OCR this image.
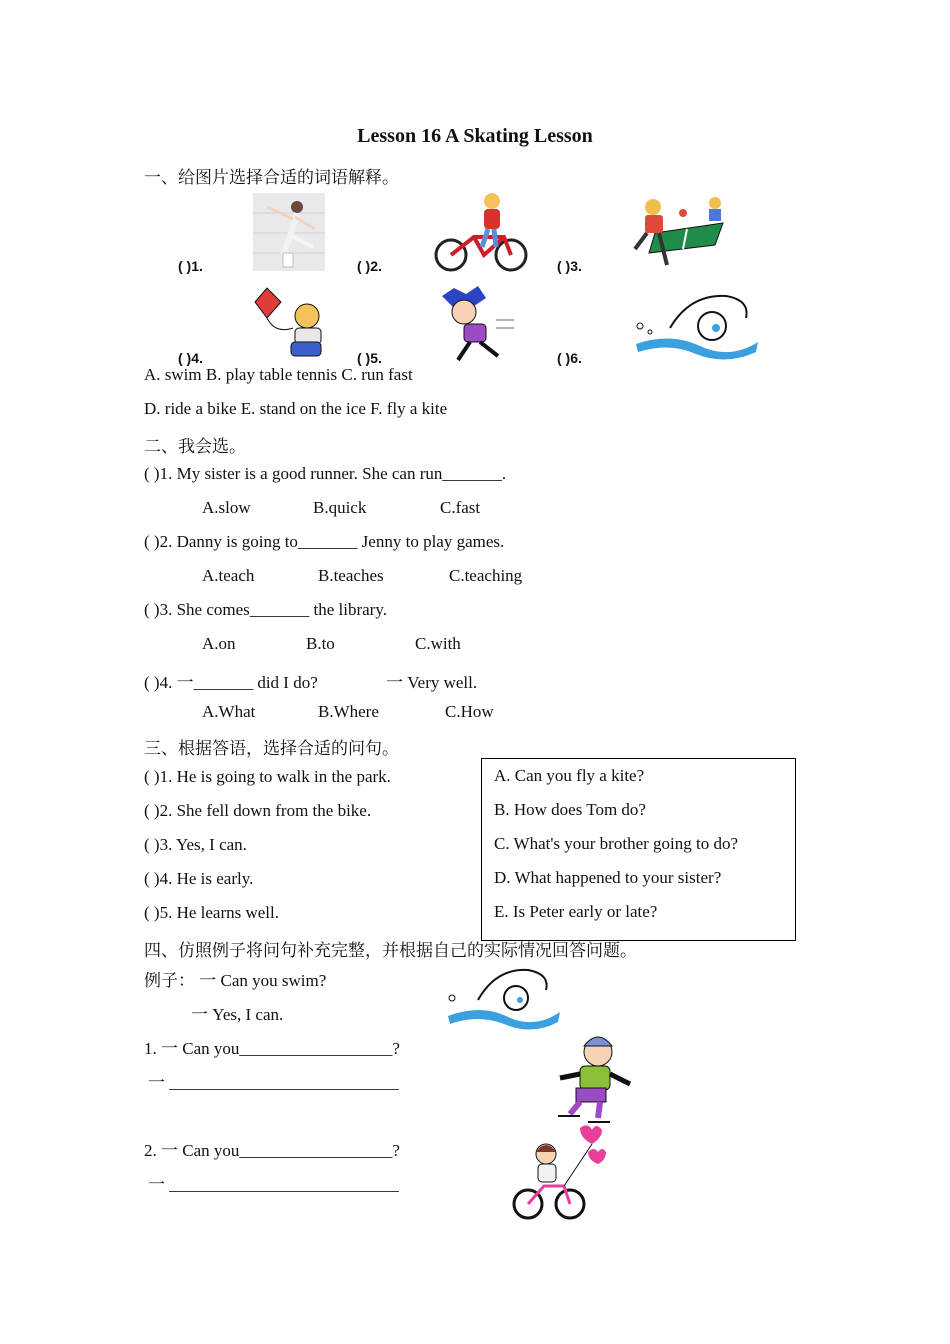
Lesson 16 A Skating Lesson
一、给图片选择合适的词语解释。
( )1.	( )2.	( )3.
( )4.	( )5.	( )6.
A. swim B. play table tennis C. run fast
D. ride a bike E. stand on the ice F. fly a kite
二、我会选。
( )1. My sister is a good runner. She can run_______.
A.slow	B.quick	C.fast
( )2. Danny is going to_______ Jenny to play games.
A.teach	B.teaches	C.teaching
( )3. She comes_______ the library.
A.on	B.to	C.with
( )4. 一_______ did I do?	一 Very well.
A.What	B.Where	C.How
三、根据答语，选择合适的问句。
( )1. He is going to walk in the park.
( )2. She fell down from the bike.
( )3. Yes, I can.
( )4. He is early.
( )5. He learns well.
四、仿照例子将问句补充完整，并根据自己的实际情况回答问题。
A. Can you fly a kite?
B. How does Tom do?
C. What's your brother going to do?
D. What happened to your sister?
E. Is Peter early or late?
例子： 一 Can you swim?
一 Yes, I can.
1. 一 Can you__________________?
一 ___________________________
2. 一 Can you__________________?
一 ___________________________
